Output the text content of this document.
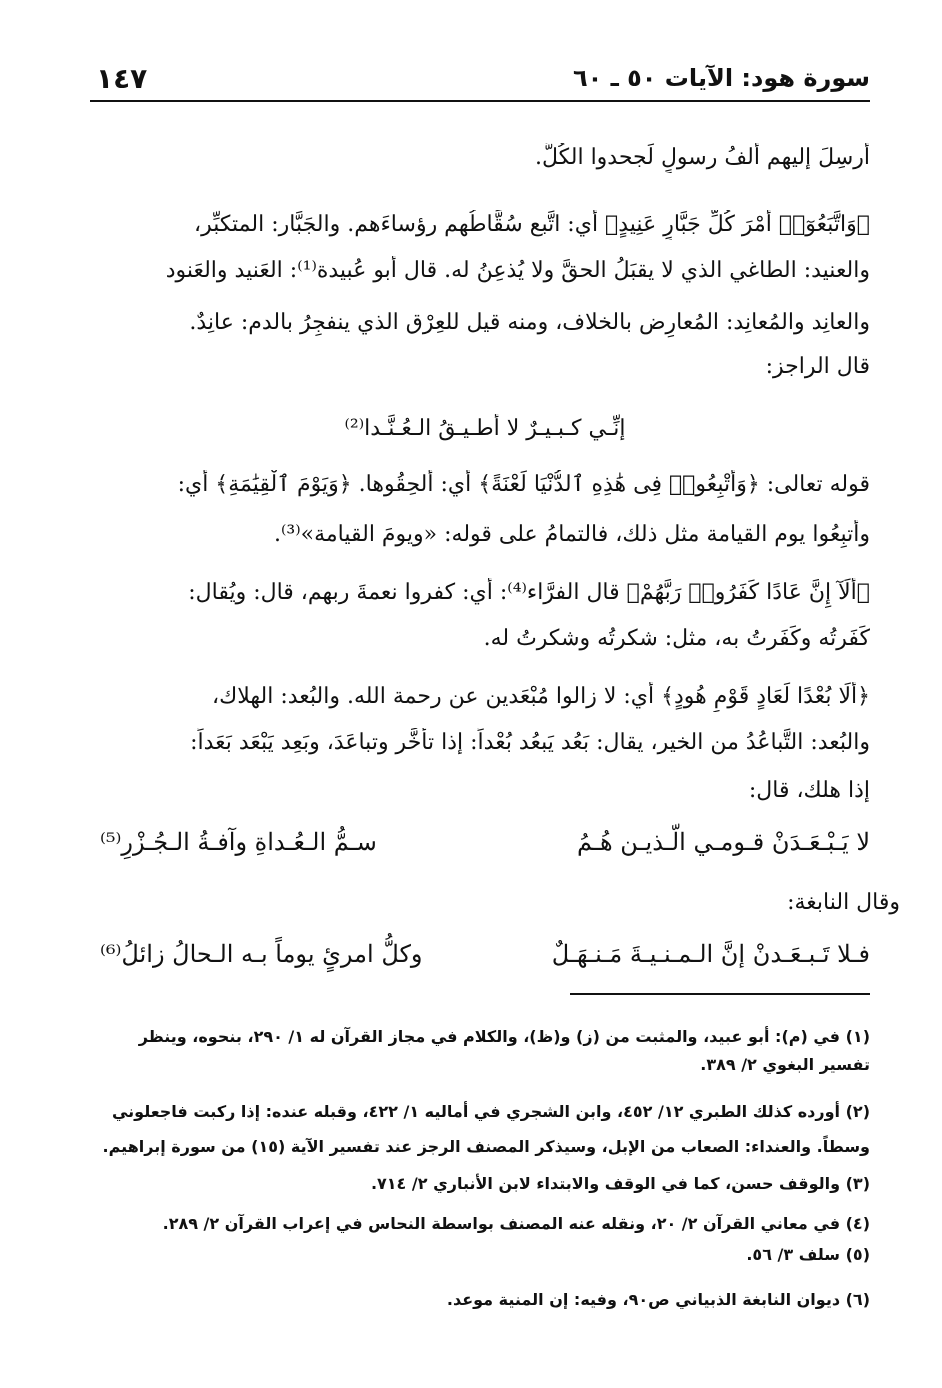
سورة هود: الآيات ٥٠ ـ ٦٠
١٤٧
أُرسِلَ إليهم ألفُ رسولٍ لَجحدوا الكُلَّ.
﴿وَاتَّبَعُوٓا۟ أَمْرَ كُلِّ جَبَّارٍ عَنِيدٍ﴾ أي: اتَّبع سُقَّاطُهم رؤساءَهم. والجَبَّار: المتكبِّر،
والعنيد: الطاغي الذي لا يقبَلُ الحقَّ ولا يُذعِنُ له. قال أبو عُبيدة⁽¹⁾: العَنيد والعَنود
والعانِد والمُعانِد: المُعارِض بالخلاف، ومنه قيل للعِرْق الذي ينفجِرُ بالدم: عانِدٌ.
قال الراجز:
إنِّـي كـبـيـرٌ لا أُطـيـقُ الـعُـنَّـدا⁽²⁾
قوله تعالى: ﴿وَأُتْبِعُوا۟ فِى هَٰذِهِ ٱلدُّنْيَا لَعْنَةً﴾ أي: أُلحِقُوها. ﴿وَيَوْمَ ٱلْقِيَٰمَةِ﴾ أي:
وأُتبِعُوا يوم القيامة مثل ذلك، فالتمامُ على قوله: «ويومَ القيامة»⁽³⁾.
﴿أَلَآ إِنَّ عَادًا كَفَرُوا۟ رَبَّهُمْ﴾ قال الفرَّاء⁽⁴⁾: أي: كفروا نعمةَ ربهم، قال: ويُقال:
كَفَرتُه وكَفَرتُ به، مثل: شكرتُه وشكرتُ له.
﴿أَلَا بُعْدًا لِّعَادٍ قَوْمِ هُودٍ﴾ أي: لا زالوا مُبْعَدين عن رحمة الله. والبُعد: الهلاك،
والبُعد: التَّباعُدُ من الخير، يقال: بَعُد يَبعُد بُعْداً: إذا تأخَّر وتباعَدَ، وبَعِد يَبْعَد بَعَداً:
إذا هلك، قال:
لا يَـبْـعَـدَنْ قـومـي الّـذيـن هُـمُ
سـمُّ الـعُـداةِ وآفـةُ الـجُـزْرِ⁽⁵⁾
وقال النابغة:
فـلا تَـبـعَـدنْ إنَّ الـمـنـيـةَ مَـنـهَـلٌ
وكلُّ امرئٍ يوماً بـه الـحالُ زائلُ⁽⁶⁾
(١) في (م): أبو عبيد، والمثبت من (ز) و(ظ)، والكلام في مجاز القرآن له ١/ ٢٩٠، بنحوه، وينظر
تفسير البغوي ٢/ ٣٨٩.
(٢) أورده كذلك الطبري ١٢/ ٤٥٢، وابن الشجري في أماليه ١/ ٤٢٢، وقبله عنده: إذا ركبت فاجعلوني
وسطاً. والعنداء: الصعاب من الإبل، وسيذكر المصنف الرجز عند تفسير الآية (١٥) من سورة إبراهيم.
(٣) والوقف حسن، كما في الوقف والابتداء لابن الأنباري ٢/ ٧١٤.
(٤) في معاني القرآن ٢/ ٢٠، ونقله عنه المصنف بواسطة النحاس في إعراب القرآن ٢/ ٢٨٩.
(٥) سلف ٣/ ٥٦.
(٦) ديوان النابغة الذبياني ص٩٠، وفيه: إن المنية موعد.
